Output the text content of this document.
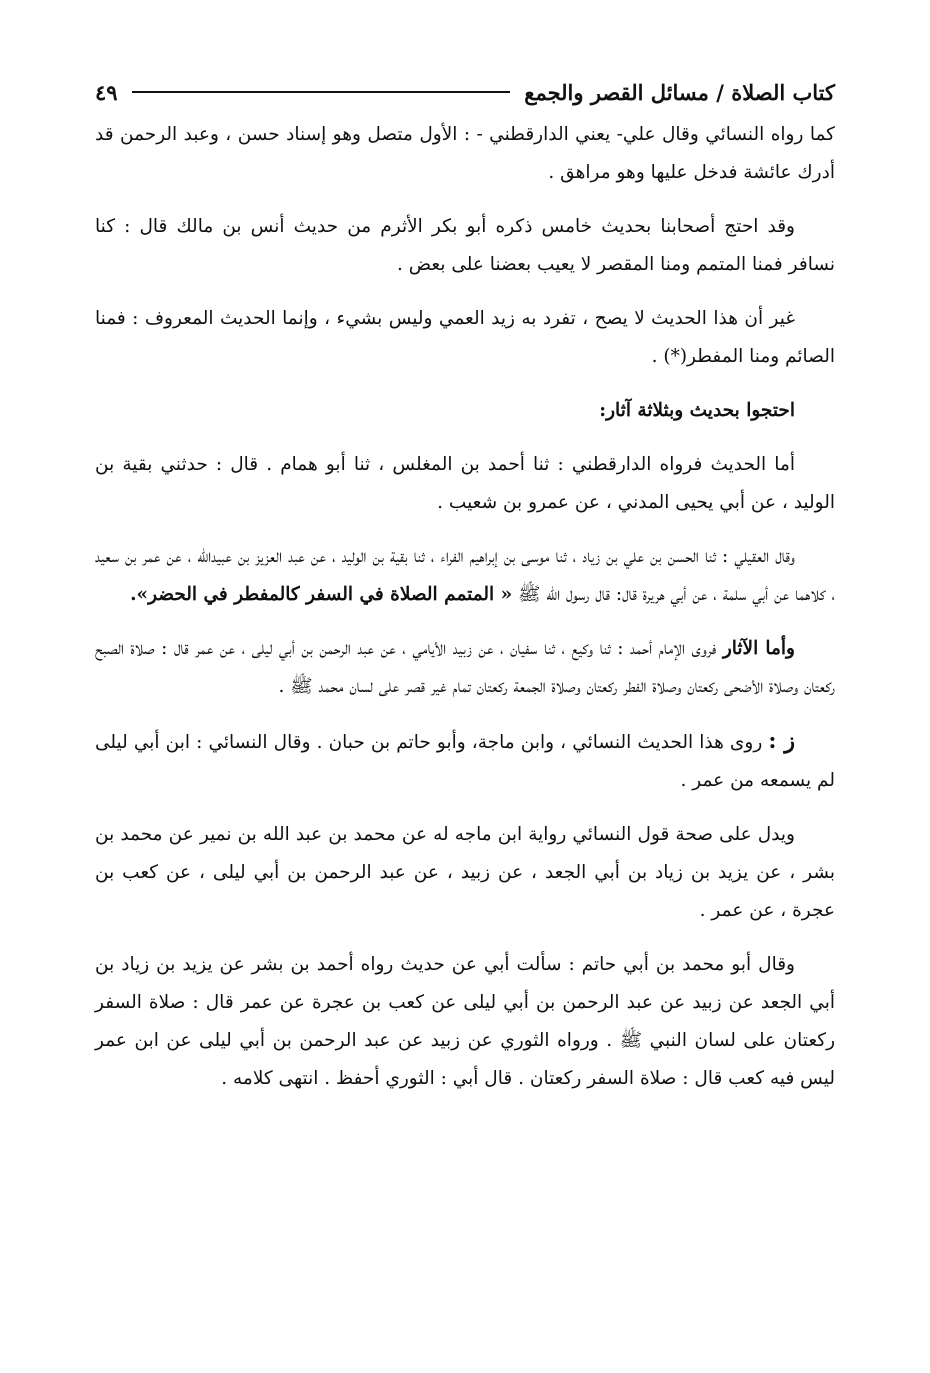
كتاب الصلاة / مسائل القصر والجمع
٤٩

كما رواه النسائي وقال علي- يعني الدارقطني - : الأول متصل وهو إسناد حسن ، وعبد الرحمن قد أدرك عائشة فدخل عليها وهو مراهق .

وقد احتج أصحابنا بحديث خامس ذكره أبو بكر الأثرم من حديث أنس بن مالك قال : كنا نسافر فمنا المتمم ومنا المقصر لا يعيب بعضنا على بعض .

غير أن هذا الحديث لا يصح ، تفرد به زيد العمي وليس بشيء ، وإنما الحديث المعروف : فمنا الصائم ومنا المفطر(*) .

احتجوا بحديث وبثلاثة آثار:

أما الحديث فرواه الدارقطني : ثنا أحمد بن المغلس ، ثنا أبو همام . قال : حدثني بقية بن الوليد ، عن أبي يحيى المدني ، عن عمرو بن شعيب .

وقال العقيلي : ثنا الحسن بن علي بن زياد ، ثنا موسى بن إبراهيم الفراء ، ثنا بقية بن الوليد ، عن عبد العزيز بن عبيدالله ، عن عمر بن سعيد ، كلاهما عن أبي سلمة ، عن أبي هريرة قال: قال رسول الله ﷺ « المتمم الصلاة في السفر كالمفطر في الحضر».

وأما الآثار فروى الإمام أحمد : ثنا وكيع ، ثنا سفيان ، عن زبيد الأيامي ، عن عبد الرحمن بن أبي ليلى ، عن عمر قال : صلاة الصبح ركعتان وصلاة الأضحى ركعتان وصلاة الفطر ركعتان وصلاة الجمعة ركعتان تمام غير قصر على لسان محمد ﷺ .

ز : روى هذا الحديث النسائي ، وابن ماجة، وأبو حاتم بن حبان . وقال النسائي : ابن أبي ليلى لم يسمعه من عمر .

ويدل على صحة قول النسائي رواية ابن ماجه له عن محمد بن عبد الله بن نمير عن محمد بن بشر ، عن يزيد بن زياد بن أبي الجعد ، عن زبيد ، عن عبد الرحمن بن أبي ليلى ، عن كعب بن عجرة ، عن عمر .

وقال أبو محمد بن أبي حاتم : سألت أبي عن حديث رواه أحمد بن بشر عن يزيد بن زياد بن أبي الجعد عن زبيد عن عبد الرحمن بن أبي ليلى عن كعب بن عجرة عن عمر قال : صلاة السفر ركعتان على لسان النبي ﷺ . ورواه الثوري عن زبيد عن عبد الرحمن بن أبي ليلى عن ابن عمر ليس فيه كعب قال : صلاة السفر ركعتان . قال أبي : الثوري أحفظ . انتهى كلامه .
